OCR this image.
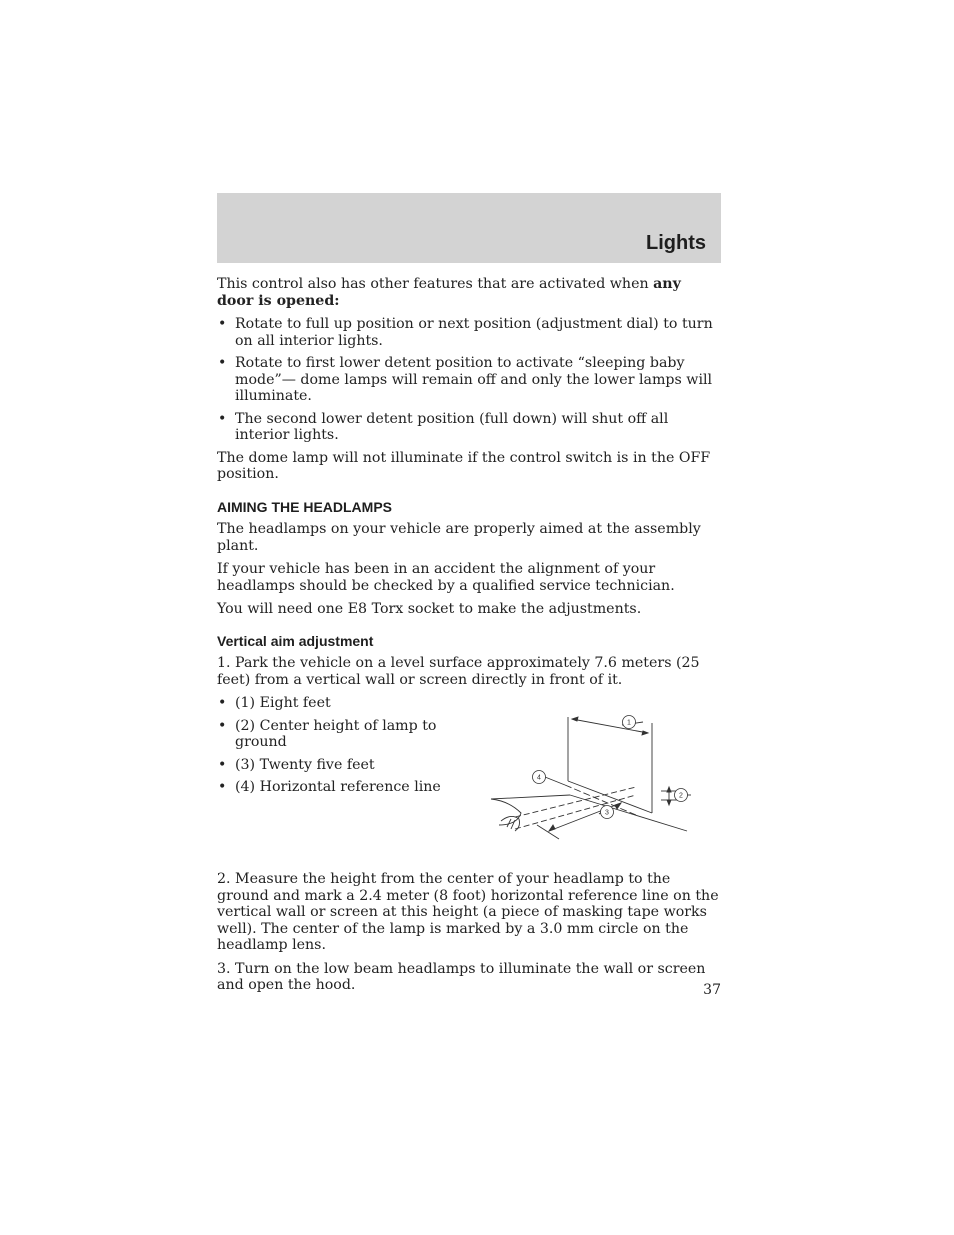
Lights

This control also has other features that are activated when any door is opened:

• Rotate to full up position or next position (adjustment dial) to turn on all interior lights.
• Rotate to first lower detent position to activate “sleeping baby mode”— dome lamps will remain off and only the lower lamps will illuminate.
• The second lower detent position (full down) will shut off all interior lights.

The dome lamp will not illuminate if the control switch is in the OFF position.

AIMING THE HEADLAMPS

The headlamps on your vehicle are properly aimed at the assembly plant.

If your vehicle has been in an accident the alignment of your headlamps should be checked by a qualified service technician.

You will need one E8 Torx socket to make the adjustments.

Vertical aim adjustment

1. Park the vehicle on a level surface approximately 7.6 meters (25 feet) from a vertical wall or screen directly in front of it.

• (1) Eight feet
• (2) Center height of lamp to ground
• (3) Twenty five feet
• (4) Horizontal reference line
1
2
3
4

2. Measure the height from the center of your headlamp to the ground and mark a 2.4 meter (8 foot) horizontal reference line on the vertical wall or screen at this height (a piece of masking tape works well). The center of the lamp is marked by a 3.0 mm circle on the headlamp lens.

3. Turn on the low beam headlamps to illuminate the wall or screen and open the hood.	37
